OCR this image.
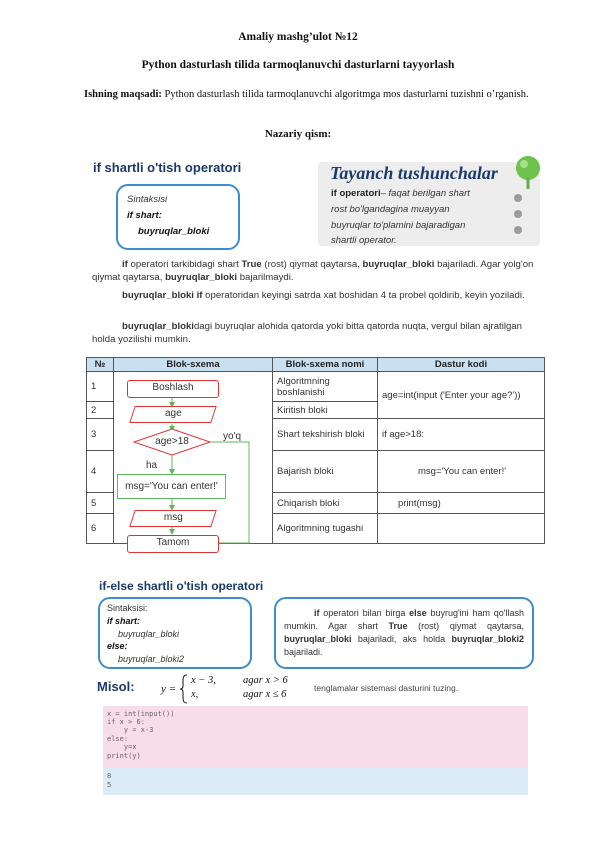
Amaliy mashg’ulot №12
Python dasturlash tilida tarmoqlanuvchi dasturlarni tayyorlash
Ishning maqsadi: Python dasturlash tilida tarmoqlanuvchi algoritmga mos dasturlarni tuzishni o’rganish.
Nazariy qism:
if shartli o'tish operatori
Sintaksisi
if shart:
buyruqlar_bloki
Tayanch tushunchalar
if operatori– faqat berilgan shart
rost bo'lgandagina muayyan
buyruqlar to'plamini bajaradigan
shartli operator.
if operatori tarkibidagi shart True (rost) qiymat qaytarsa, buyruqlar_bloki bajariladi. Agar yolg'on qiymat qaytarsa, buyruqlar_bloki bajarilmaydi.
buyruqlar_bloki if operatoridan keyingi satrda xat boshidan 4 ta probel qoldirib, keyin yoziladi.
buyruqlar_blokidagi buyruqlar alohida qatorda yoki bitta qatorda nuqta, vergul bilan ajratilgan holda yozilishi mumkin.
№	Blok-sxema	Blok-sxema nomi	Dastur kodi
1		Algoritmning boshlanishi	age=int(input ('Enter your age?'))
2		Kiritish bloki	
3		Shart tekshirish bloki	if age>18:
4		Bajarish bloki	msg='You can enter!'
5		Chiqarish bloki	print(msg)
6		Algoritmning tugashi	
Boshlash
age
age>18	yo'q
ha
msg='You can enter!'
msg
Tamom
if-else shartli o'tish operatori
Sintaksisi:
if shart:
buyruqlar_bloki
else:
buyruqlar_bloki2
if operatori bilan birga else buyrug'ini ham qo'llash mumkin. Agar shart True (rost) qiymat qaytarsa, buyruqlar_bloki bajariladi, aks holda buyruqlar_bloki2 bajariladi.
Misol: y =
x − 3,	agar x > 6
x,	agar x ≤ 6
tenglamalar sistemasi dasturini tuzing.
x = int(input())
if x > 6:
y = x-3
else:
y=x
print(y)
8
5
